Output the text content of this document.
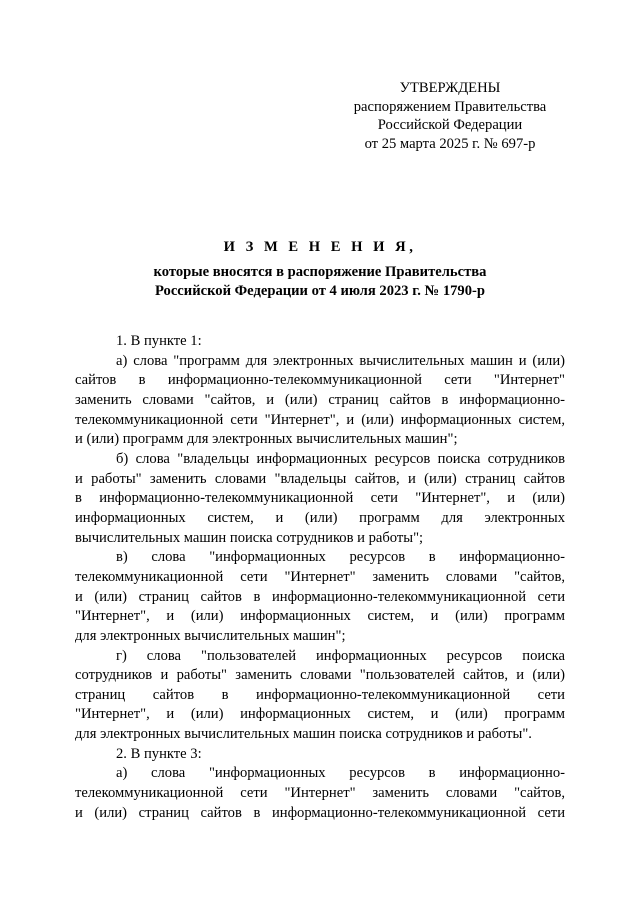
УТВЕРЖДЕНЫ
распоряжением Правительства
Российской Федерации
от 25 марта 2025 г. № 697-р
И З М Е Н Е Н И Я,
которые вносятся в распоряжение Правительства
Российской Федерации от 4 июля 2023 г. № 1790-р
1. В пункте 1:
а) слова "программ для электронных вычислительных машин и (или)
сайтов в информационно-телекоммуникационной сети "Интернет"
заменить словами "сайтов, и (или) страниц сайтов в информационно-
телекоммуникационной сети "Интернет", и (или) информационных систем,
и (или) программ для электронных вычислительных машин";
б) слова "владельцы информационных ресурсов поиска сотрудников
и работы" заменить словами "владельцы сайтов, и (или) страниц сайтов
в информационно-телекоммуникационной сети "Интернет", и (или)
информационных систем, и (или) программ для электронных
вычислительных машин поиска сотрудников и работы";
в) слова "информационных ресурсов в информационно-
телекоммуникационной сети "Интернет" заменить словами "сайтов,
и (или) страниц сайтов в информационно-телекоммуникационной сети
"Интернет", и (или) информационных систем, и (или) программ
для электронных вычислительных машин";
г) слова "пользователей информационных ресурсов поиска
сотрудников и работы" заменить словами "пользователей сайтов, и (или)
страниц сайтов в информационно-телекоммуникационной сети
"Интернет", и (или) информационных систем, и (или) программ
для электронных вычислительных машин поиска сотрудников и работы".
2. В пункте 3:
а) слова "информационных ресурсов в информационно-
телекоммуникационной сети "Интернет" заменить словами "сайтов,
и (или) страниц сайтов в информационно-телекоммуникационной сети
